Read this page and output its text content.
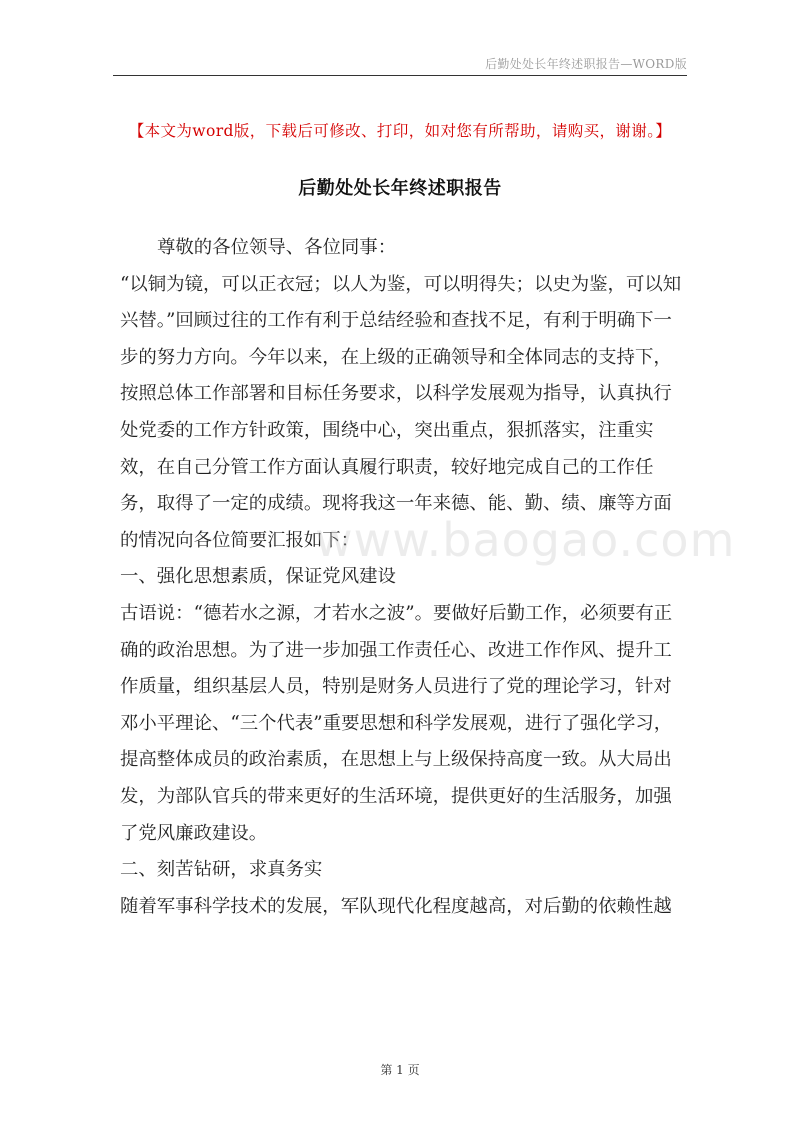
后勤处处长年终述职报告—WORD版
【本文为word版，下载后可修改、打印，如对您有所帮助，请购买，谢谢。】
后勤处处长年终述职报告

尊敬的各位领导、各位同事：

“以铜为镜，可以正衣冠；以人为鉴，可以明得失；以史为鉴，可以知兴替。”回顾过往的工作有利于总结经验和查找不足，有利于明确下一步的努力方向。今年以来，在上级的正确领导和全体同志的支持下，按照总体工作部署和目标任务要求，以科学发展观为指导，认真执行处党委的工作方针政策，围绕中心，突出重点，狠抓落实，注重实效，在自己分管工作方面认真履行职责，较好地完成自己的工作任务，取得了一定的成绩。现将我这一年来德、能、勤、绩、廉等方面的情况向各位简要汇报如下：

一、强化思想素质，保证党风建设

古语说：“德若水之源，才若水之波”。要做好后勤工作，必须要有正确的政治思想。为了进一步加强工作责任心、改进工作作风、提升工作质量，组织基层人员，特别是财务人员进行了党的理论学习，针对邓小平理论、“三个代表”重要思想和科学发展观，进行了强化学习，提高整体成员的政治素质，在思想上与上级保持高度一致。从大局出发，为部队官兵的带来更好的生活环境，提供更好的生活服务，加强了党风廉政建设。

二、刻苦钻研，求真务实

随着军事科学技术的发展，军队现代化程度越高，对后勤的依赖性越

www.baogao.com
第 1 页
